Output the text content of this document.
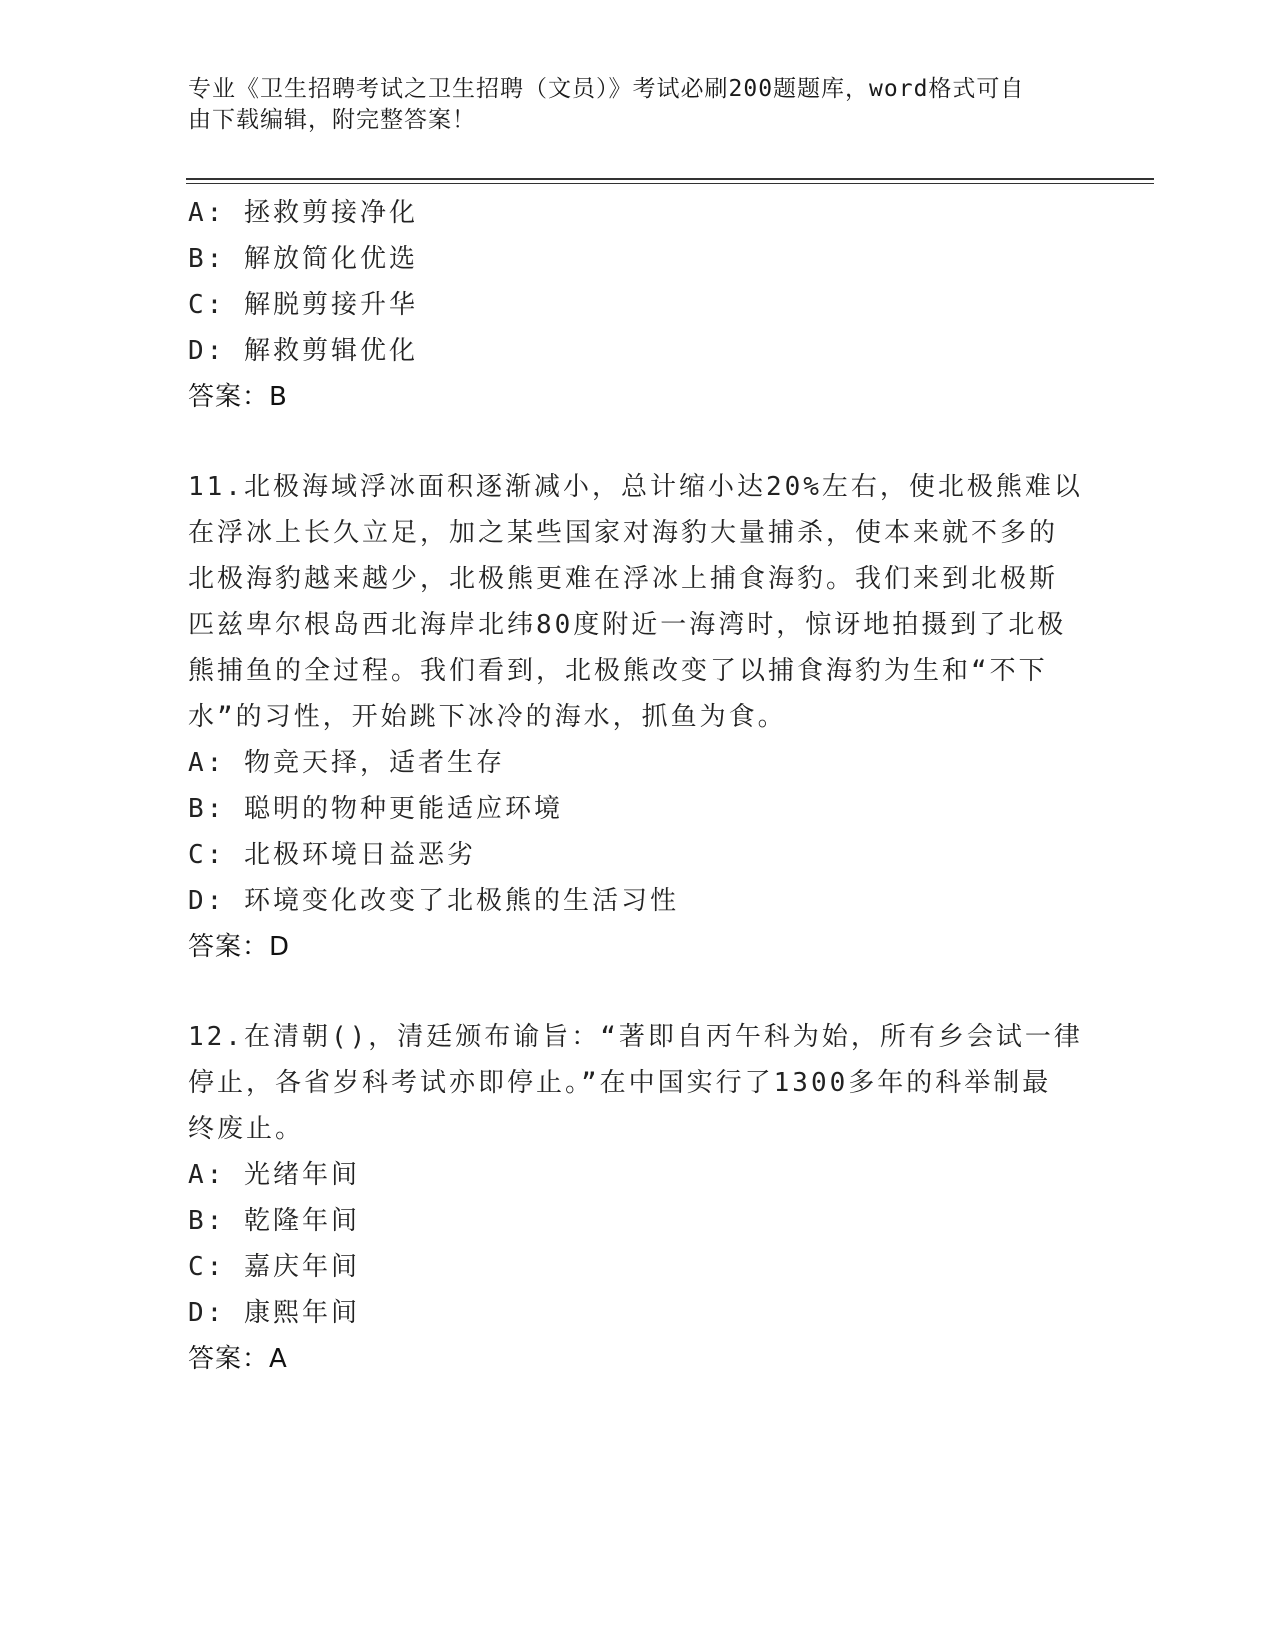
专业《卫生招聘考试之卫生招聘（文员）》考试必刷200题题库，word格式可自
由下载编辑，附完整答案！
A: 拯救剪接净化
B: 解放简化优选
C: 解脱剪接升华
D: 解救剪辑优化
答案：B
11.北极海域浮冰面积逐渐减小，总计缩小达20%左右，使北极熊难以
在浮冰上长久立足，加之某些国家对海豹大量捕杀，使本来就不多的
北极海豹越来越少，北极熊更难在浮冰上捕食海豹。我们来到北极斯
匹兹卑尔根岛西北海岸北纬80度附近一海湾时，惊讶地拍摄到了北极
熊捕鱼的全过程。我们看到，北极熊改变了以捕食海豹为生和“不下
水”的习性，开始跳下冰冷的海水，抓鱼为食。
A: 物竞天择，适者生存
B: 聪明的物种更能适应环境
C: 北极环境日益恶劣
D: 环境变化改变了北极熊的生活习性
答案：D
12.在清朝()，清廷颁布谕旨：“著即自丙午科为始，所有乡会试一律
停止，各省岁科考试亦即停止。”在中国实行了1300多年的科举制最
终废止。
A: 光绪年间
B: 乾隆年间
C: 嘉庆年间
D: 康熙年间
答案：A
